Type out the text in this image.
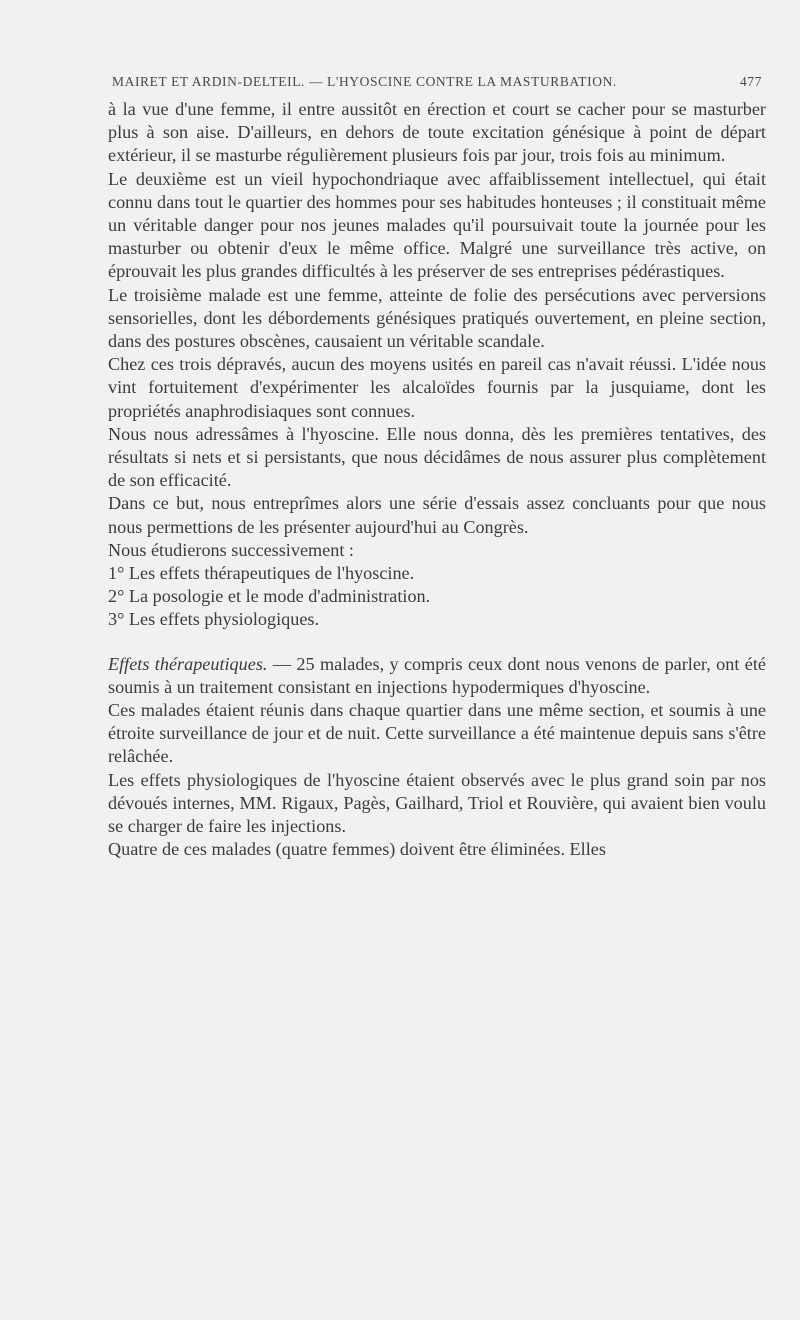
MAIRET ET ARDIN-DELTEIL. — L'HYOSCINE CONTRE LA MASTURBATION.	477

à la vue d'une femme, il entre aussitôt en érection et court se cacher pour se masturber plus à son aise. D'ailleurs, en dehors de toute excitation génésique à point de départ extérieur, il se masturbe régulièrement plusieurs fois par jour, trois fois au minimum.

Le deuxième est un vieil hypochondriaque avec affaiblissement intellectuel, qui était connu dans tout le quartier des hommes pour ses habitudes honteuses ; il constituait même un véritable danger pour nos jeunes malades qu'il poursuivait toute la journée pour les masturber ou obtenir d'eux le même office. Malgré une surveillance très active, on éprouvait les plus grandes difficultés à les préserver de ses entreprises pédérastiques.

Le troisième malade est une femme, atteinte de folie des persécutions avec perversions sensorielles, dont les débordements génésiques pratiqués ouvertement, en pleine section, dans des postures obscènes, causaient un véritable scandale.

Chez ces trois dépravés, aucun des moyens usités en pareil cas n'avait réussi. L'idée nous vint fortuitement d'expérimenter les alcaloïdes fournis par la jusquiame, dont les propriétés anaphrodisiaques sont connues.

Nous nous adressâmes à l'hyoscine. Elle nous donna, dès les premières tentatives, des résultats si nets et si persistants, que nous décidâmes de nous assurer plus complètement de son efficacité.

Dans ce but, nous entreprîmes alors une série d'essais assez concluants pour que nous nous permettions de les présenter aujourd'hui au Congrès.

Nous étudierons successivement :

1° Les effets thérapeutiques de l'hyoscine.

2° La posologie et le mode d'administration.

3° Les effets physiologiques.

Effets thérapeutiques. — 25 malades, y compris ceux dont nous venons de parler, ont été soumis à un traitement consistant en injections hypodermiques d'hyoscine.

Ces malades étaient réunis dans chaque quartier dans une même section, et soumis à une étroite surveillance de jour et de nuit. Cette surveillance a été maintenue depuis sans s'être relâchée.

Les effets physiologiques de l'hyoscine étaient observés avec le plus grand soin par nos dévoués internes, MM. Rigaux, Pagès, Gailhard, Triol et Rouvière, qui avaient bien voulu se charger de faire les injections.

Quatre de ces malades (quatre femmes) doivent être éliminées. Elles
